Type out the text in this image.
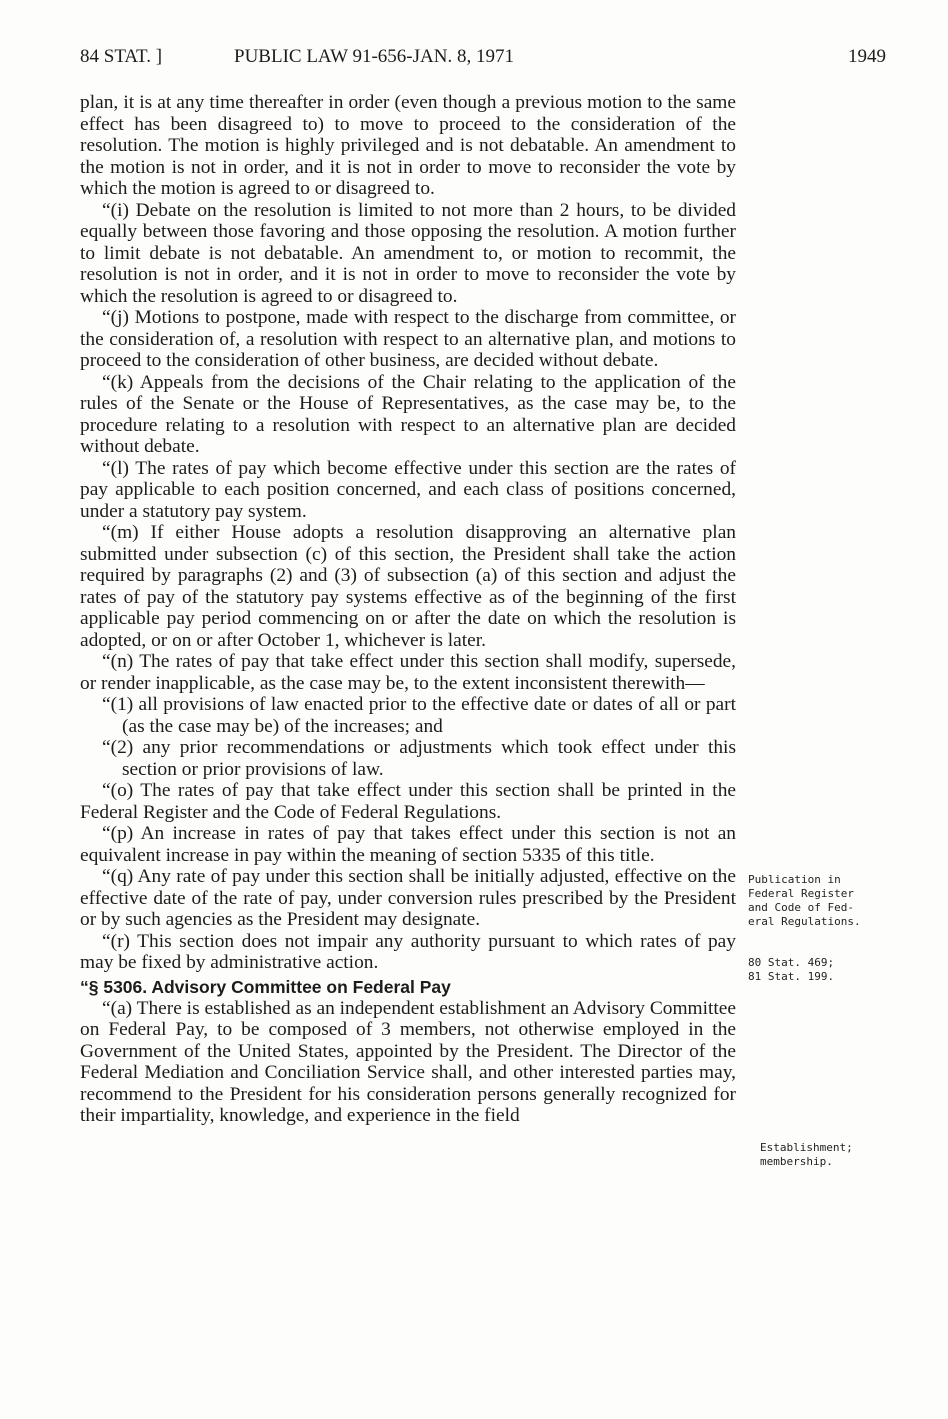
84 STAT. ]	PUBLIC LAW 91-656-JAN. 8, 1971	1949

plan, it is at any time thereafter in order (even though a previous motion to the same effect has been disagreed to) to move to proceed to the consideration of the resolution. The motion is highly privileged and is not debatable. An amendment to the motion is not in order, and it is not in order to move to reconsider the vote by which the motion is agreed to or disagreed to.

“(i) Debate on the resolution is limited to not more than 2 hours, to be divided equally between those favoring and those opposing the resolution. A motion further to limit debate is not debatable. An amendment to, or motion to recommit, the resolution is not in order, and it is not in order to move to reconsider the vote by which the resolution is agreed to or disagreed to.

“(j) Motions to postpone, made with respect to the discharge from committee, or the consideration of, a resolution with respect to an alternative plan, and motions to proceed to the consideration of other business, are decided without debate.

“(k) Appeals from the decisions of the Chair relating to the application of the rules of the Senate or the House of Representatives, as the case may be, to the procedure relating to a resolution with respect to an alternative plan are decided without debate.

“(l) The rates of pay which become effective under this section are the rates of pay applicable to each position concerned, and each class of positions concerned, under a statutory pay system.

“(m) If either House adopts a resolution disapproving an alternative plan submitted under subsection (c) of this section, the President shall take the action required by paragraphs (2) and (3) of subsection (a) of this section and adjust the rates of pay of the statutory pay systems effective as of the beginning of the first applicable pay period commencing on or after the date on which the resolution is adopted, or on or after October 1, whichever is later.

“(n) The rates of pay that take effect under this section shall modify, supersede, or render inapplicable, as the case may be, to the extent inconsistent therewith—

“(1) all provisions of law enacted prior to the effective date or dates of all or part (as the case may be) of the increases; and

“(2) any prior recommendations or adjustments which took effect under this section or prior provisions of law.

“(o) The rates of pay that take effect under this section shall be printed in the Federal Register and the Code of Federal Regulations.

“(p) An increase in rates of pay that takes effect under this section is not an equivalent increase in pay within the meaning of section 5335 of this title.

“(q) Any rate of pay under this section shall be initially adjusted, effective on the effective date of the rate of pay, under conversion rules prescribed by the President or by such agencies as the President may designate.

“(r) This section does not impair any authority pursuant to which rates of pay may be fixed by administrative action.

“§ 5306. Advisory Committee on Federal Pay

“(a) There is established as an independent establishment an Advisory Committee on Federal Pay, to be composed of 3 members, not otherwise employed in the Government of the United States, appointed by the President. The Director of the Federal Mediation and Conciliation Service shall, and other interested parties may, recommend to the President for his consideration persons generally recognized for their impartiality, knowledge, and experience in the field

Publication in
Federal Register
and Code of Fed-
eral Regulations.
80 Stat. 469;
81 Stat. 199.
Establishment;
membership.
